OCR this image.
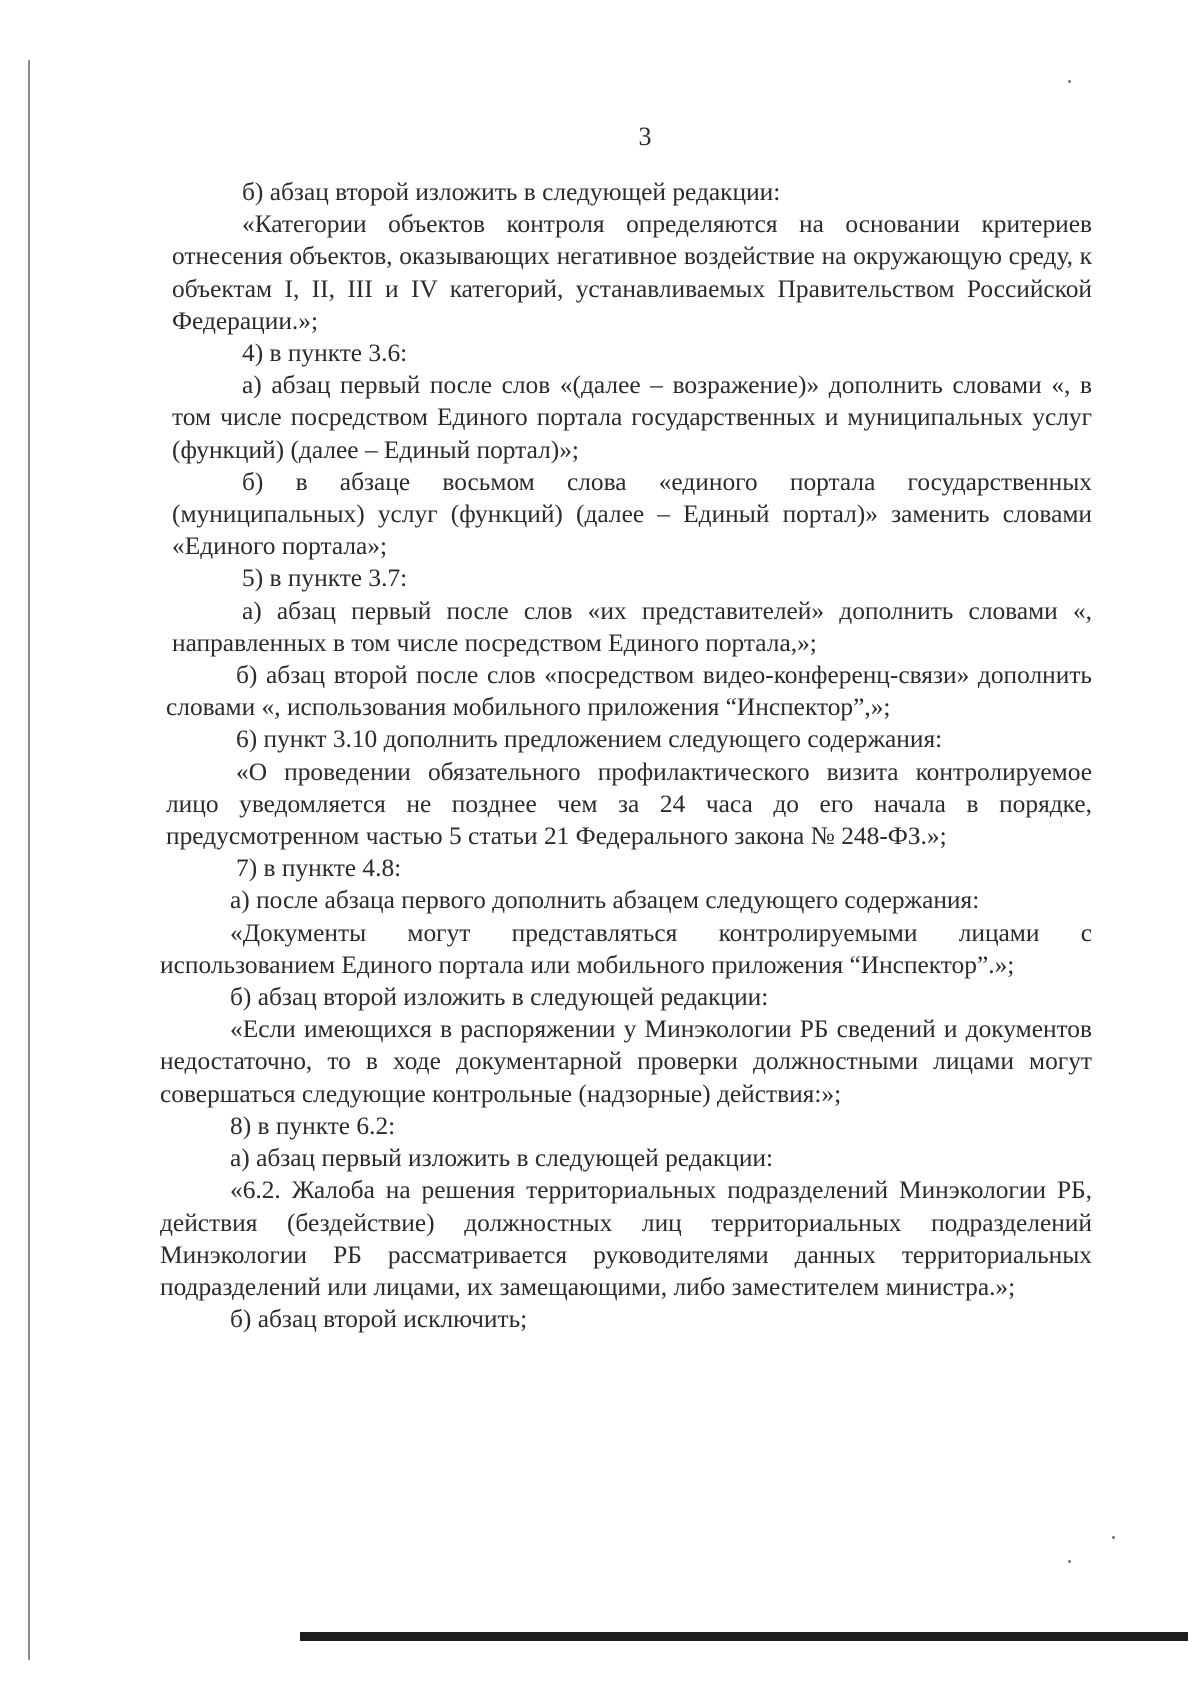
3

б) абзац второй изложить в следующей редакции:

«Категории объектов контроля определяются на основании критериев отнесения объектов, оказывающих негативное воздействие на окружающую среду, к объектам I, II, III и IV категорий, устанавливаемых Правительством Российской Федерации.»;

4) в пункте 3.6:

а) абзац первый после слов «(далее – возражение)» дополнить словами «, в том числе посредством Единого портала государственных и муниципальных услуг (функций) (далее – Единый портал)»;

б) в абзаце восьмом слова «единого портала государственных (муниципальных) услуг (функций) (далее – Единый портал)» заменить словами «Единого портала»;

5) в пункте 3.7:

а) абзац первый после слов «их представителей» дополнить словами «, направленных в том числе посредством Единого портала,»;

б) абзац второй после слов «посредством видео-конференц-связи» дополнить словами «, использования мобильного приложения “Инспектор”,»;

6) пункт 3.10 дополнить предложением следующего содержания:

«О проведении обязательного профилактического визита контролируемое лицо уведомляется не позднее чем за 24 часа до его начала в порядке, предусмотренном частью 5 статьи 21 Федерального закона № 248-ФЗ.»;

7) в пункте 4.8:

а) после абзаца первого дополнить абзацем следующего содержания:

«Документы могут представляться контролируемыми лицами с использованием Единого портала или мобильного приложения “Инспектор”.»;

б) абзац второй изложить в следующей редакции:

«Если имеющихся в распоряжении у Минэкологии РБ сведений и документов недостаточно, то в ходе документарной проверки должностными лицами могут совершаться следующие контрольные (надзорные) действия:»;

8) в пункте 6.2:

а) абзац первый изложить в следующей редакции:

«6.2. Жалоба на решения территориальных подразделений Минэкологии РБ, действия (бездействие) должностных лиц территориальных подразделений Минэкологии РБ рассматривается руководителями данных территориальных подразделений или лицами, их замещающими, либо заместителем министра.»;

б) абзац второй исключить;
